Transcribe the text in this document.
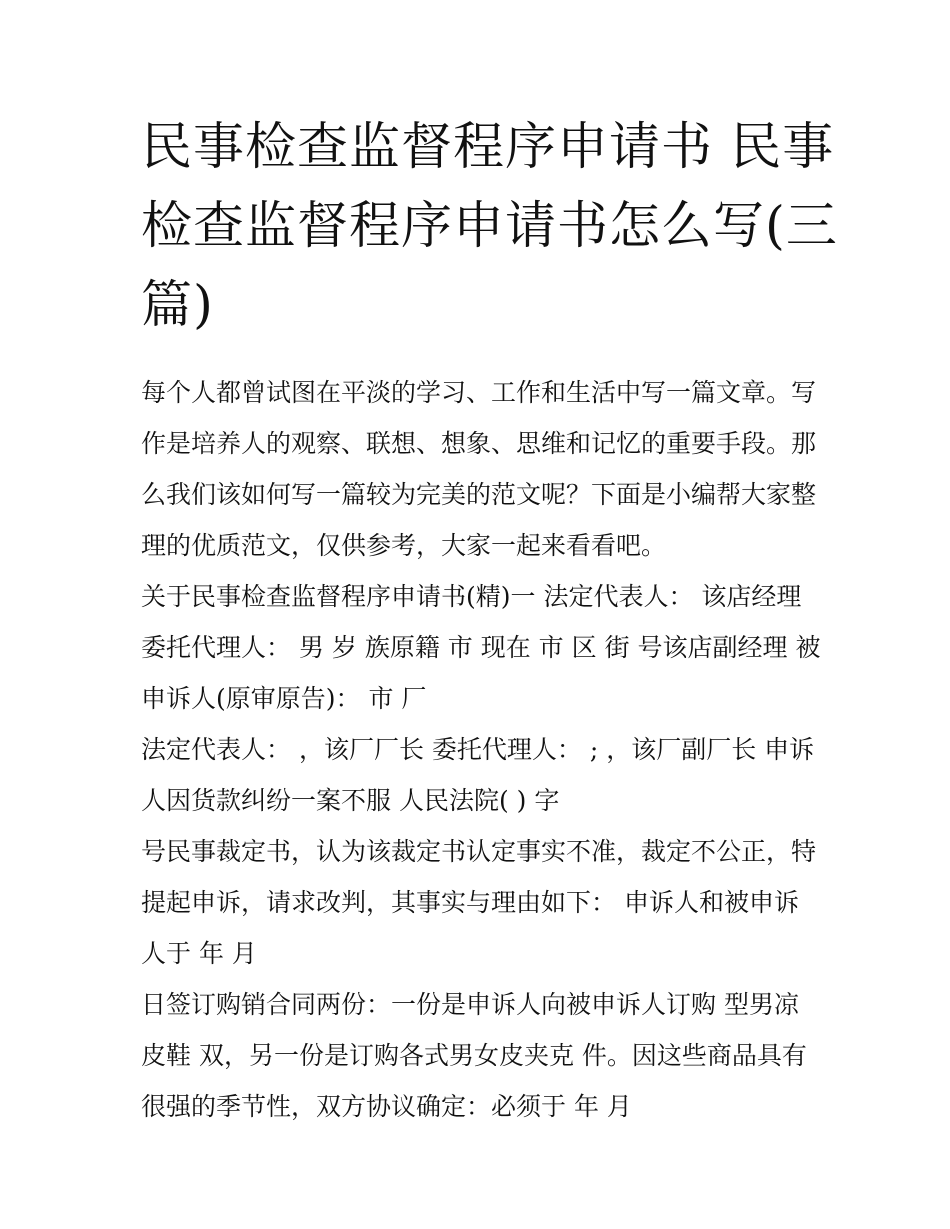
民事检查监督程序申请书 民事
检查监督程序申请书怎么写(三
篇)

每个人都曾试图在平淡的学习、工作和生活中写一篇文章。写
作是培养人的观察、联想、想象、思维和记忆的重要手段。那
么我们该如何写一篇较为完美的范文呢？下面是小编帮大家整
理的优质范文，仅供参考，大家一起来看看吧。

关于民事检查监督程序申请书(精)一 法定代表人： 该店经理
委托代理人： 男 岁 族原籍 市 现在 市 区 街 号该店副经理 被
申诉人(原审原告)： 市 厂

法定代表人： ，该厂厂长 委托代理人： ; ，该厂副厂长 申诉
人因货款纠纷一案不服 人民法院( ) 字

号民事裁定书，认为该裁定书认定事实不准，裁定不公正，特
提起申诉，请求改判，其事实与理由如下： 申诉人和被申诉
人于 年 月

日签订购销合同两份：一份是申诉人向被申诉人订购 型男凉
皮鞋 双，另一份是订购各式男女皮夹克 件。因这些商品具有
很强的季节性，双方协议确定：必须于 年 月
